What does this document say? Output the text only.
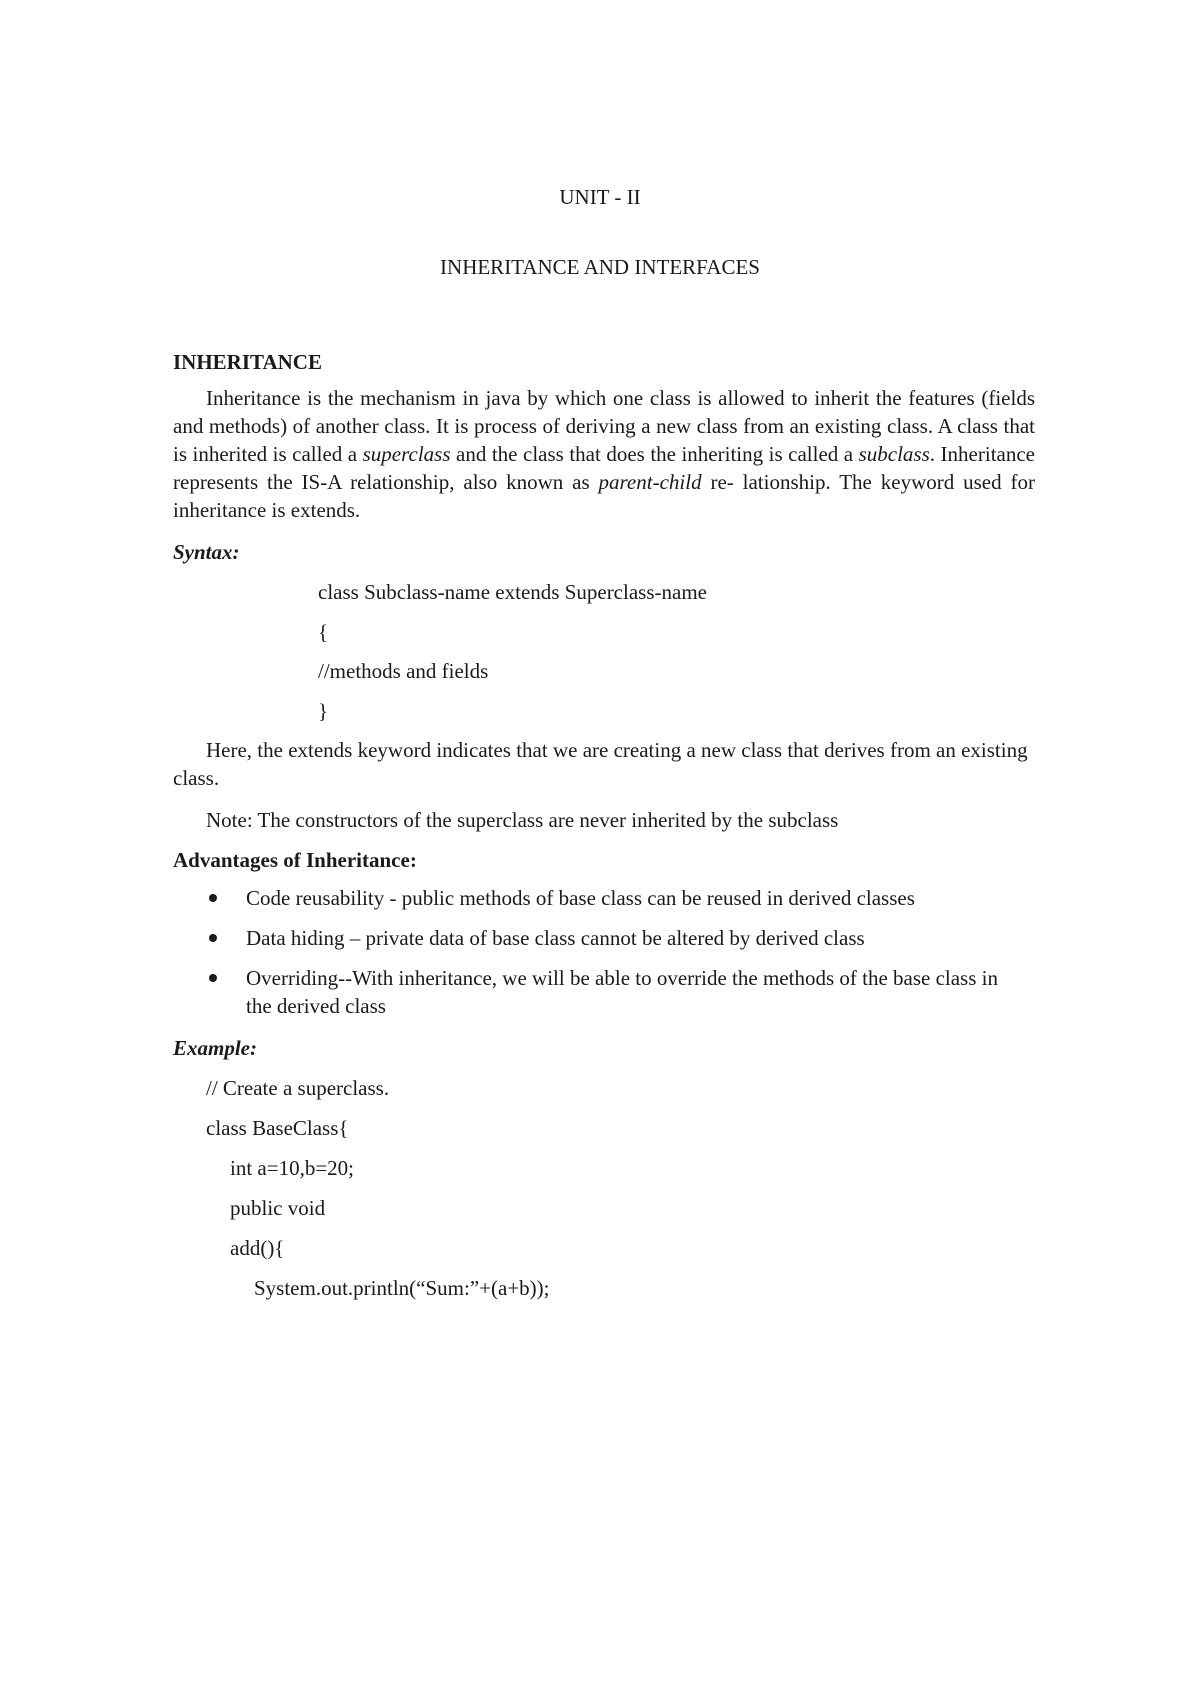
UNIT - II

INHERITANCE AND INTERFACES

INHERITANCE

Inheritance is the mechanism in java by which one class is allowed to inherit the features (fields and methods) of another class. It is process of deriving a new class from an existing class. A class that is inherited is called a superclass and the class that does the inheriting is called a subclass. Inheritance represents the IS-A relationship, also known as parent-child re- lationship. The keyword used for inheritance is extends.

Syntax:

class Subclass-name extends Superclass-name

{

//methods and fields

}

Here, the extends keyword indicates that we are creating a new class that derives from an existing class.

Note: The constructors of the superclass are never inherited by the subclass

Advantages of Inheritance:

Code reusability - public methods of base class can be reused in derived classes
Data hiding – private data of base class cannot be altered by derived class
Overriding--With inheritance, we will be able to override the methods of the base class in the derived class

Example:

// Create a superclass.

class BaseClass{

int a=10,b=20;

public void

add(){

System.out.println(“Sum:”+(a+b));
